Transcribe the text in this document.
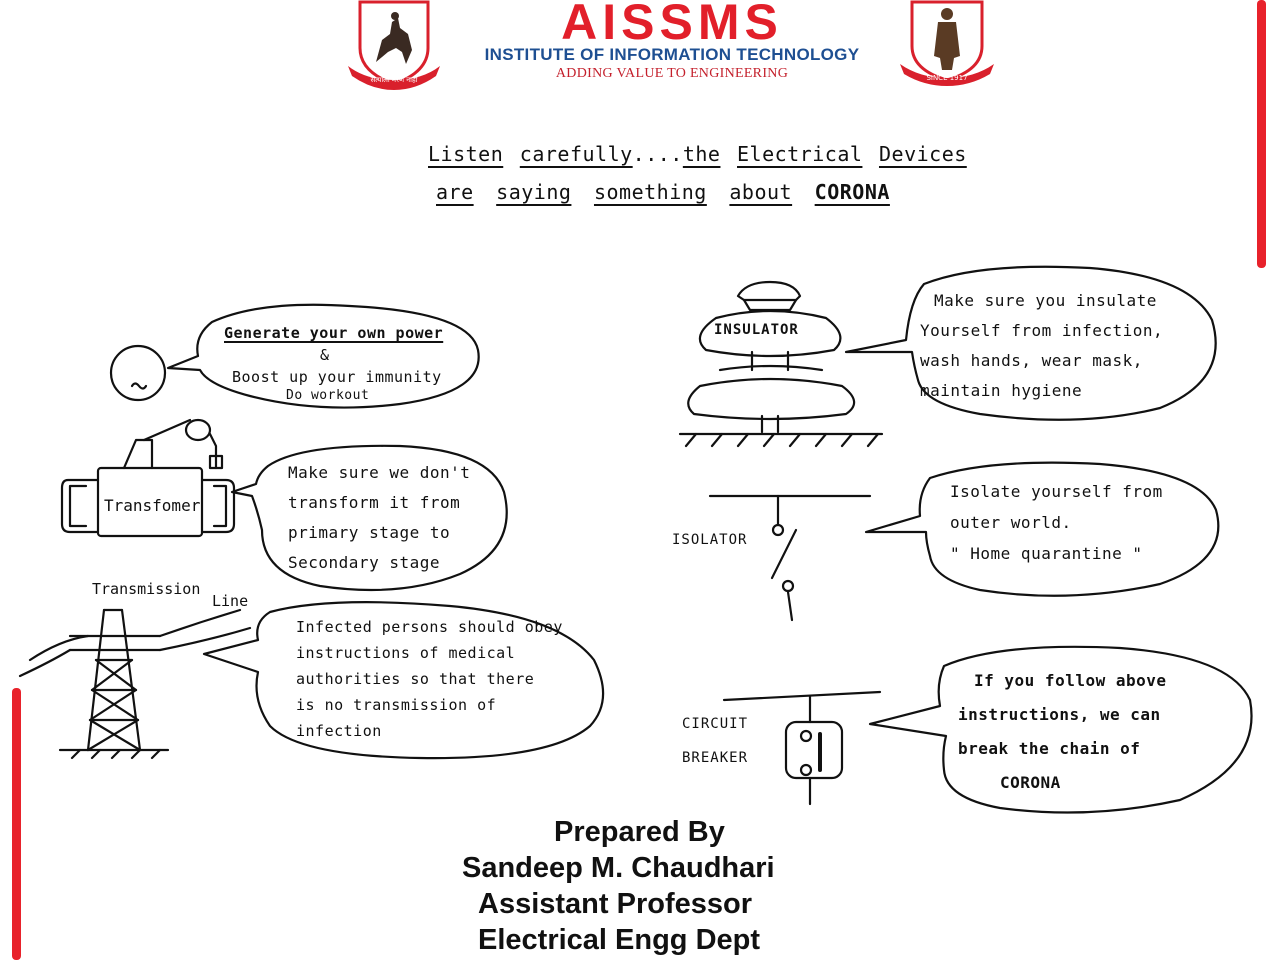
सत्याला मरण नाही	SINCE 1917
AISSMS
INSTITUTE OF INFORMATION TECHNOLOGY
ADDING VALUE TO ENGINEERING
Listen carefully....the Electrical Devices
are saying something about CORONA
Generate your own power
&
Boost up your immunity
Do workout
Make sure we don't
transform it from
primary stage to
Secondary stage
Infected persons should obey
instructions of medical
authorities so that there
is no transmission of
infection
Make sure you insulate
Yourself from infection,
wash hands, wear mask,
maintain hygiene
Isolate yourself from
outer world.
" Home quarantine "
If you follow above
instructions, we can
break the chain of
CORONA
Transfomer
Transmission
Line
INSULATOR
ISOLATOR
CIRCUIT
BREAKER
Prepared By
Sandeep M. Chaudhari
Assistant Professor
Electrical Engg Dept
